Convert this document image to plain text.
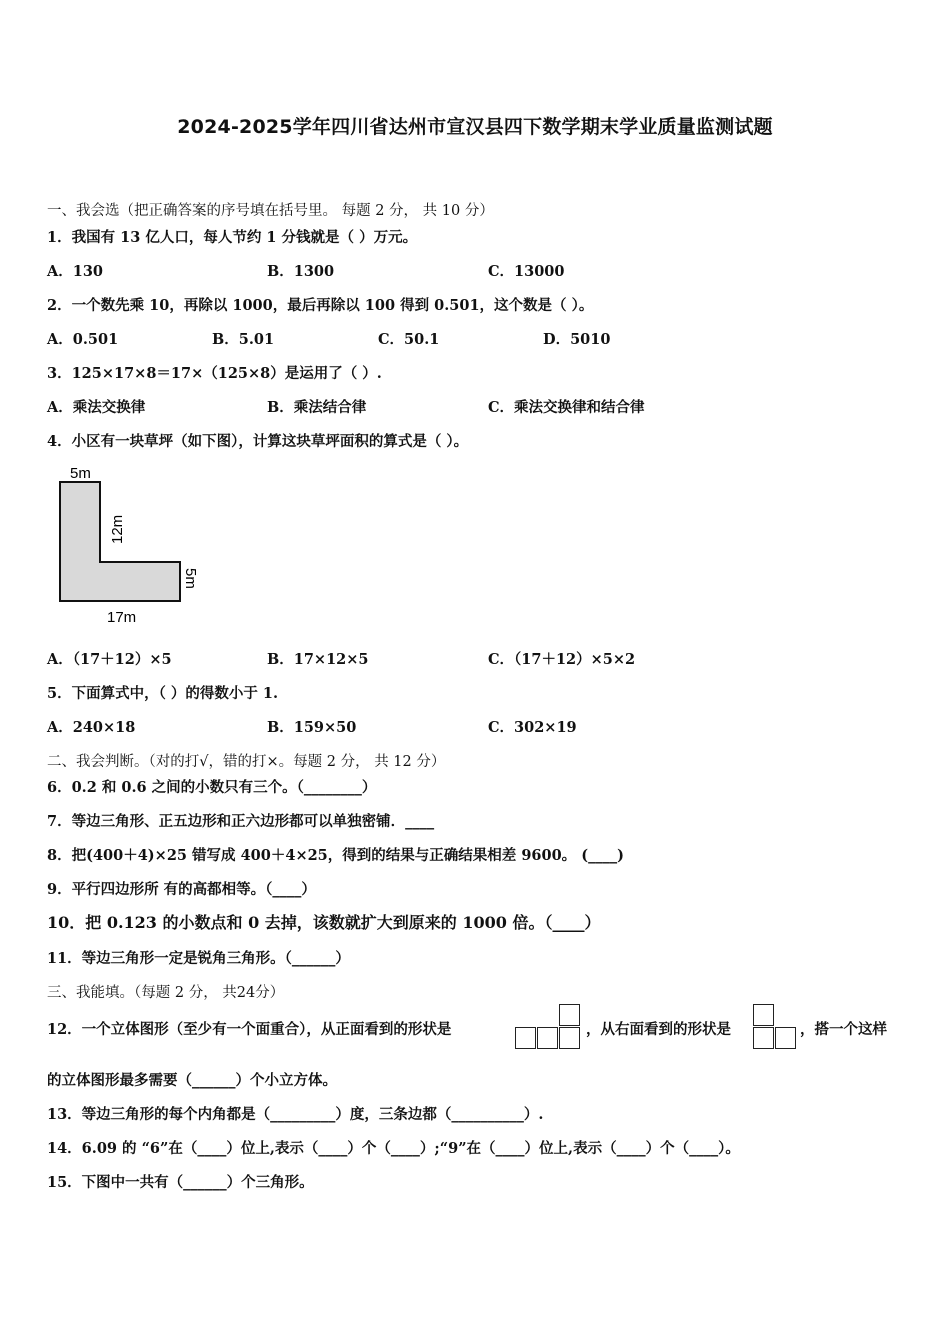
2024-2025学年四川省达州市宣汉县四下数学期末学业质量监测试题
一、我会选（把正确答案的序号填在括号里。 每题 2 分， 共 10 分）
1．我国有 13 亿人口，每人节约 1 分钱就是（ ）万元。
A．130	B．1300	C．13000
2．一个数先乘 10，再除以 1000，最后再除以 100 得到 0.501，这个数是（ ）。
A．0.501	B．5.01	C．50.1	D．5010
3．125×17×8＝17×（125×8）是运用了（ ）.
A．乘法交换律	B．乘法结合律	C．乘法交换律和结合律
4．小区有一块草坪（如下图），计算这块草坪面积的算式是（ ）。
5m
12m
5m
17m
A．（17＋12）×5	B．17×12×5	C．（17＋12）×5×2
5．下面算式中，（ ）的得数小于 1.
A．240×18	B．159×50	C．302×19
二、我会判断。（对的打√，错的打×。每题 2 分， 共 12 分）
6．0.2 和 0.6 之间的小数只有三个。（________）
7．等边三角形、正五边形和正六边形都可以单独密铺．____
8．把(400＋4)×25 错写成 400＋4×25，得到的结果与正确结果相差 9600。 (____)
9．平行四边形所 有的高都相等。（____）
10．把 0.123 的小数点和 0 去掉，该数就扩大到原来的 1000 倍。（____）
11．等边三角形一定是锐角三角形。（______）
三、我能填。（每题 2 分， 共24分）
12．一个立体图形（至少有一个面重合），从正面看到的形状是	，从右面看到的形状是	，搭一个这样
的立体图形最多需要（______）个小立方体。
13．等边三角形的每个内角都是（_________）度，三条边都（__________）.
14．6.09 的 “6”在（____）位上,表示（____）个（____）;“9”在（____）位上,表示（____）个（____）。
15．下图中一共有（______）个三角形。
